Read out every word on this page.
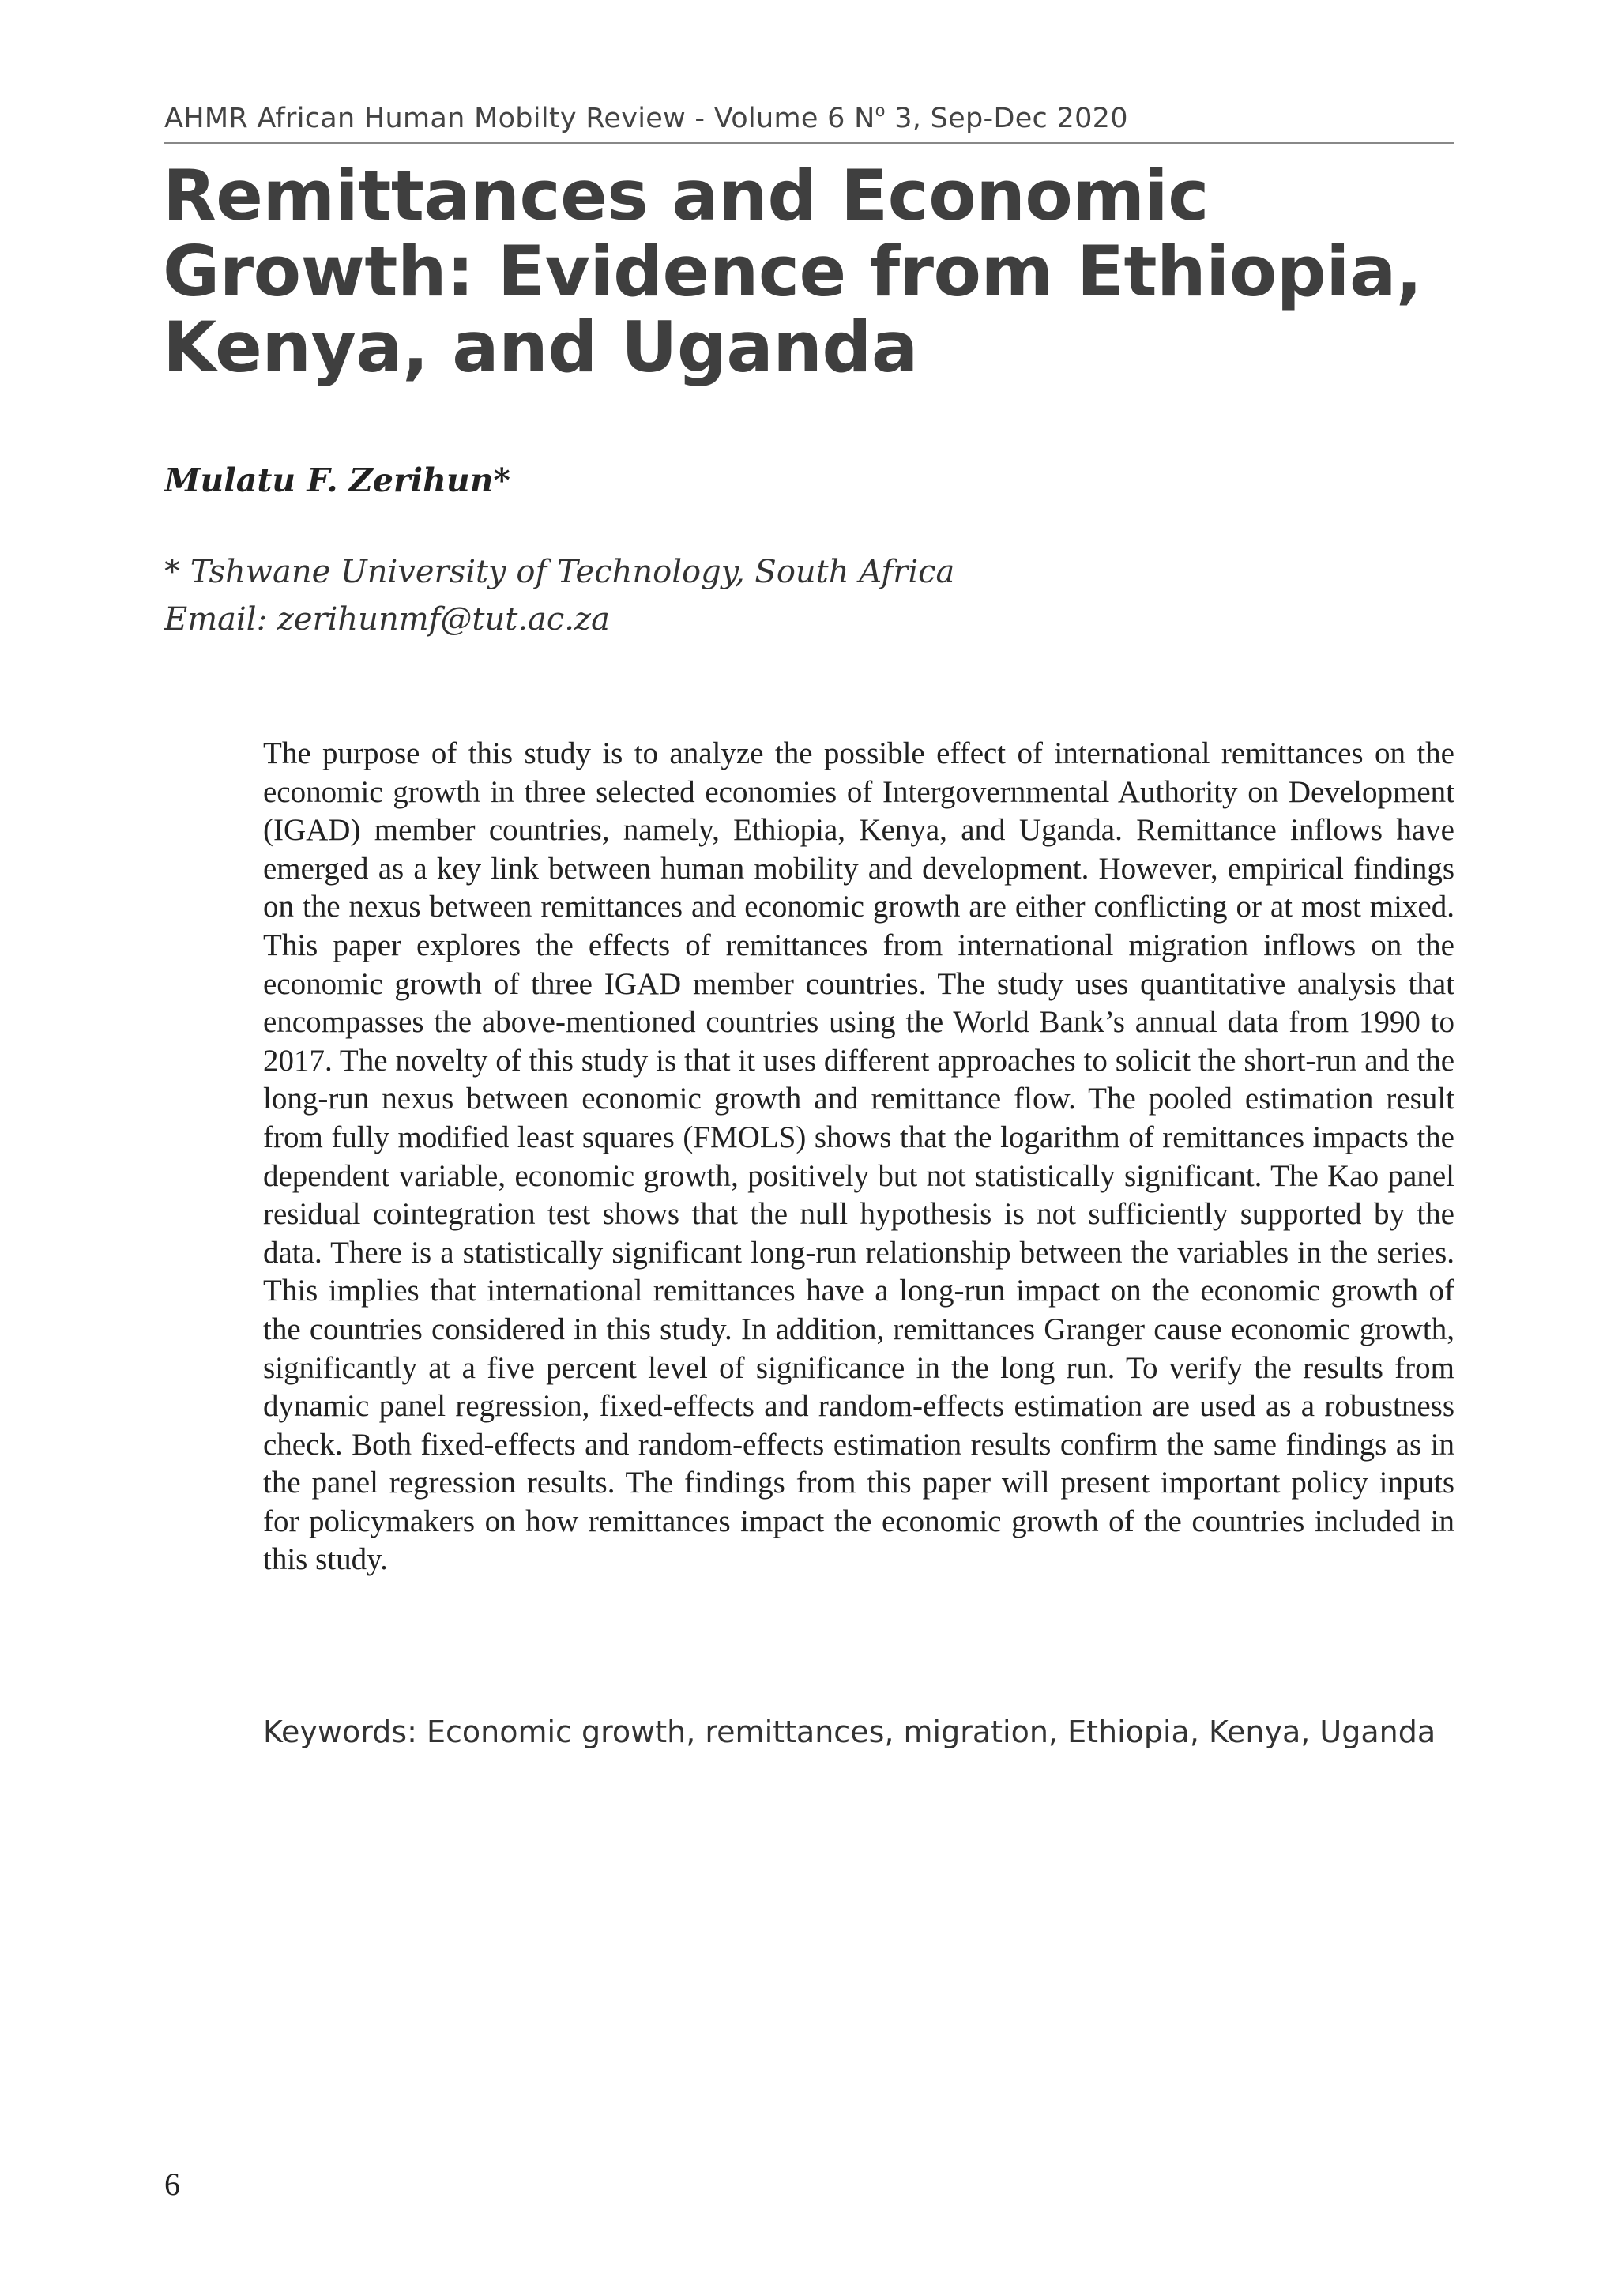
AHMR African Human Mobilty Review - Volume 6 $N^o$ 3, Sep-Dec 2020
Remittances and Economic
Growth: Evidence from Ethiopia,
Kenya, and Uganda
Mulatu F. Zerihun*
* Tshwane University of Technology, South Africa
Email: zerihunmf@tut.ac.za

The purpose of this study is to analyze the possible effect of international remittances on the economic growth in three selected economies of Intergovernmental Authority on Development (IGAD) member countries, namely, Ethiopia, Kenya, and Uganda. Remittance inflows have emerged as a key link between human mobility and development. However, empirical findings on the nexus between remittances and economic growth are either conflicting or at most mixed. This paper explores the effects of remittances from international migration inflows on the economic growth of three IGAD member countries. The study uses quantitative analysis that encompasses the above-mentioned countries using the World Bank’s annual data from 1990 to 2017. The novelty of this study is that it uses different approaches to solicit the short-run and the long-run nexus between economic growth and remittance flow. The pooled estimation result from fully modified least squares (FMOLS) shows that the logarithm of remittances impacts the dependent variable, economic growth, positively but not statistically significant. The Kao panel residual cointegration test shows that the null hypothesis is not sufficiently supported by the data. There is a statistically significant long-run relationship between the variables in the series. This implies that international remittances have a long-run impact on the economic growth of the countries considered in this study. In addition, remittances Granger cause economic growth, significantly at a five percent level of significance in the long run. To verify the results from dynamic panel regression, fixed-effects and random-effects estimation are used as a robustness check. Both fixed-effects and random-effects estimation results confirm the same findings as in the panel regression results. The findings from this paper will present important policy inputs for policymakers on how remittances impact the economic growth of the countries included in this study.

Keywords: Economic growth, remittances, migration, Ethiopia, Kenya, Uganda
6
